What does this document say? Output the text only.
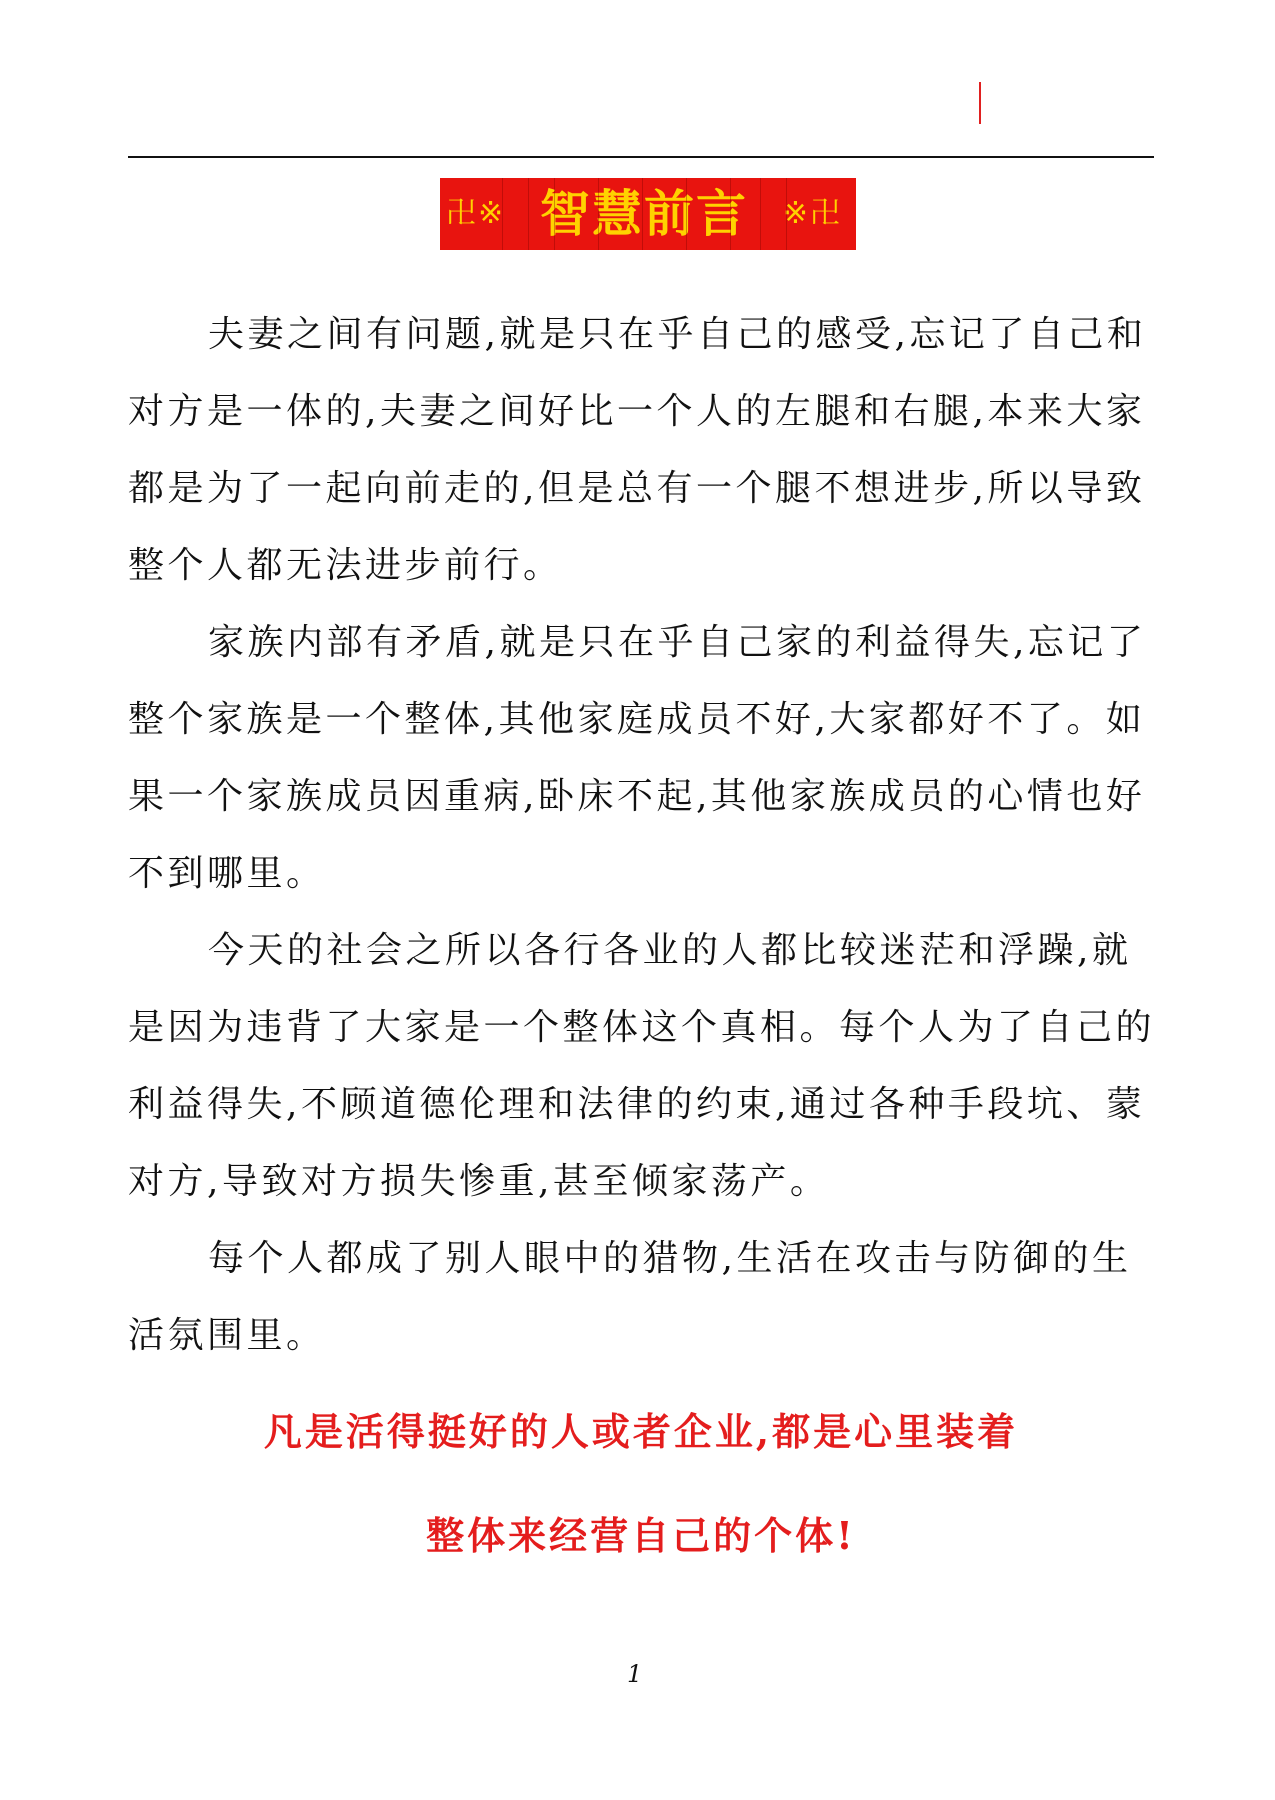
卍※ 智慧前言 ※卍

夫妻之间有问题,就是只在乎自己的感受,忘记了自己和对方是一体的,夫妻之间好比一个人的左腿和右腿,本来大家都是为了一起向前走的,但是总有一个腿不想进步,所以导致整个人都无法进步前行。

家族内部有矛盾,就是只在乎自己家的利益得失,忘记了整个家族是一个整体,其他家庭成员不好,大家都好不了。如果一个家族成员因重病,卧床不起,其他家族成员的心情也好不到哪里。

今天的社会之所以各行各业的人都比较迷茫和浮躁,就是因为违背了大家是一个整体这个真相。每个人为了自己的利益得失,不顾道德伦理和法律的约束,通过各种手段坑、蒙对方,导致对方损失惨重,甚至倾家荡产。

每个人都成了别人眼中的猎物,生活在攻击与防御的生活氛围里。

凡是活得挺好的人或者企业,都是心里装着

整体来经营自己的个体!

1
